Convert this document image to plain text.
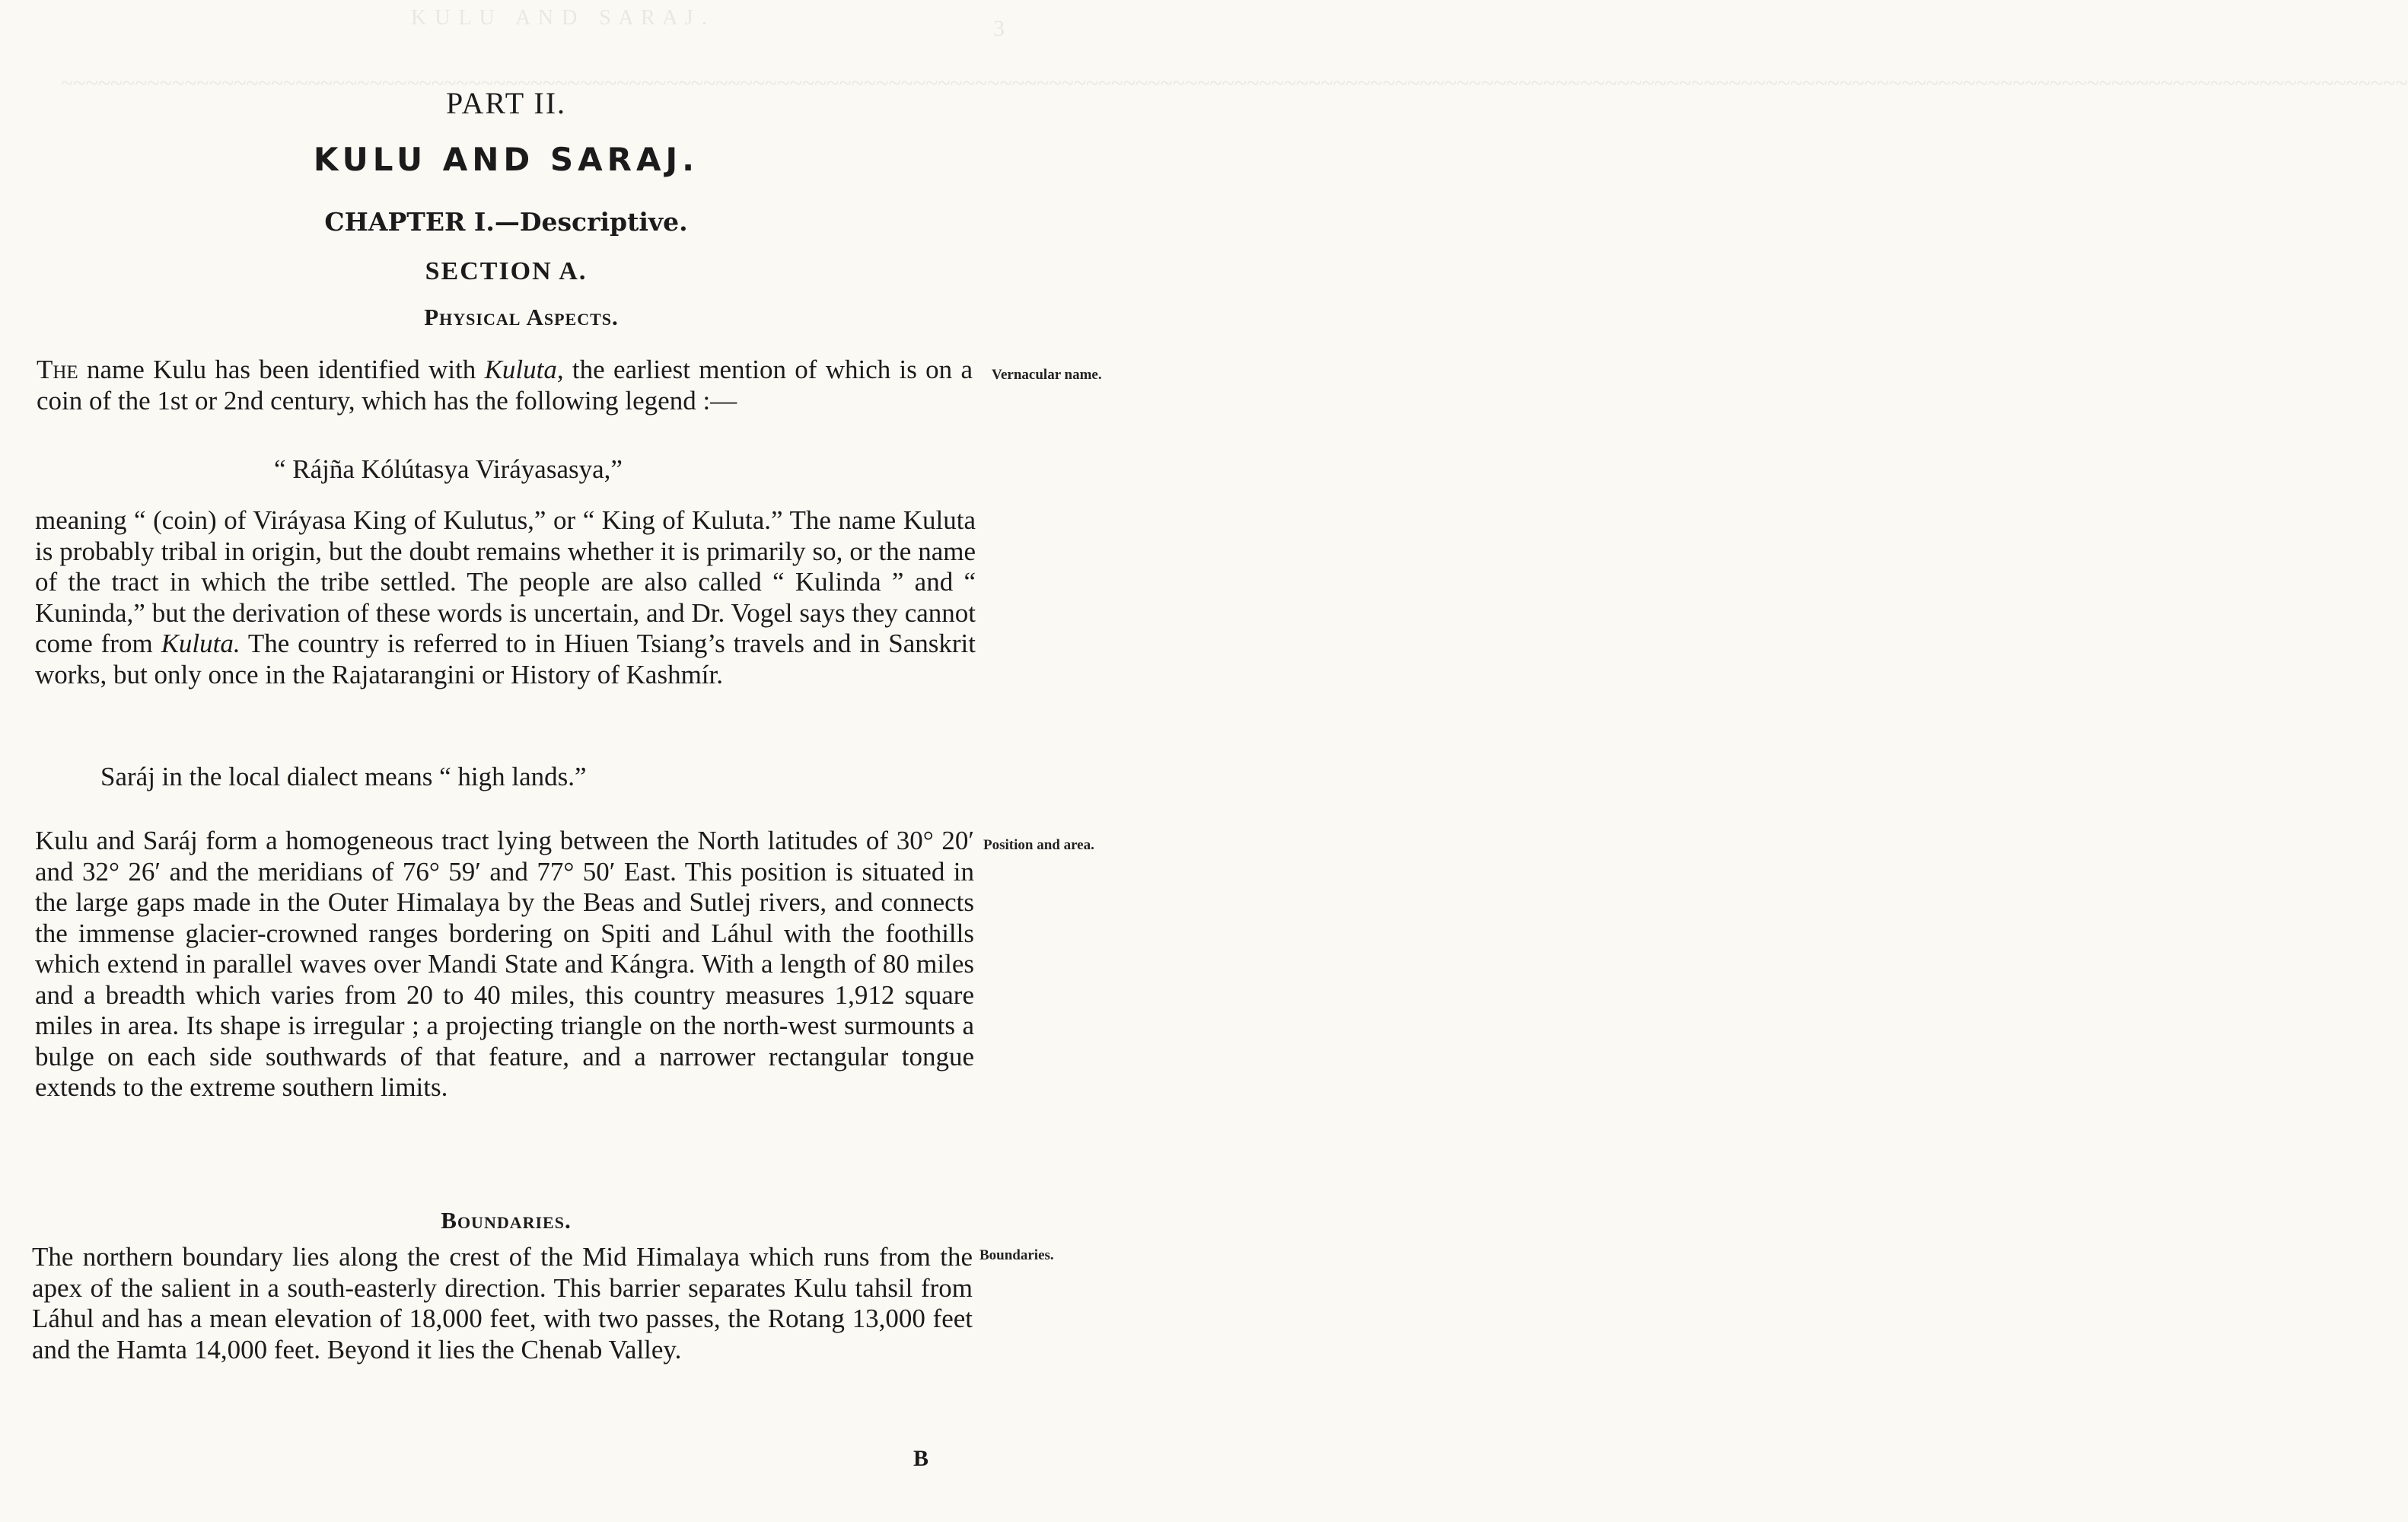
K U L U   A N D   S A R A J .	3
~~~~~~~~~~~~~~~~~~~~~~~~~~~~~~~~~~~~~~~~~~~~~~~~~~~~~~~~~~~~~~~~~~~~~~~~~~~~~~~~~~~~~~~~~~~~~~~~~~~~~~~~~~~~~~~~~~~~~~~~~~~~~~~~~~~~~~~~~~~~~~~~~~~~~~~~~~~~~~~~~~~~~~~~~~~~~~~~~~~~~~~~~~~~~~
PART II.
KULU AND SARAJ.
CHAPTER I.—Descriptive.
SECTION A.
Physical Aspects.

The name Kulu has been identified with Kuluta, the earliest mention of which is on a coin of the 1st or 2nd century, which has the following legend :—

“ Rájña Kólútasya Viráyasasya,”

meaning “ (coin) of Viráyasa King of Kulutus,” or “ King of Kuluta.” The name Kuluta is probably tribal in origin, but the doubt remains whether it is primarily so, or the name of the tract in which the tribe settled. The people are also called “ Kulinda ” and “ Kuninda,” but the derivation of these words is uncertain, and Dr. Vogel says they cannot come from Kuluta. The country is referred to in Hiuen Tsiang’s travels and in Sanskrit works, but only once in the Rajatarangini or History of Kashmír.

Saráj in the local dialect means “ high lands.”

Kulu and Saráj form a homogeneous tract lying between the North latitudes of 30° 20′ and 32° 26′ and the meridians of 76° 59′ and 77° 50′ East. This position is situated in the large gaps made in the Outer Himalaya by the Beas and Sutlej rivers, and connects the immense glacier-crowned ranges bordering on Spiti and Láhul with the foothills which extend in parallel waves over Mandi State and Kángra. With a length of 80 miles and a breadth which varies from 20 to 40 miles, this country measures 1,912 square miles in area. Its shape is irregular ; a projecting triangle on the north-west surmounts a bulge on each side southwards of that feature, and a narrower rectangular tongue extends to the extreme southern limits.

Boundaries.

The northern boundary lies along the crest of the Mid Himalaya which runs from the apex of the salient in a south-easterly direction. This barrier separates Kulu tahsil from Láhul and has a mean elevation of 18,000 feet, with two passes, the Rotang 13,000 feet and the Hamta 14,000 feet. Beyond it lies the Chenab Valley.

Vernacular name.

Position and area.

Boundaries.

B
